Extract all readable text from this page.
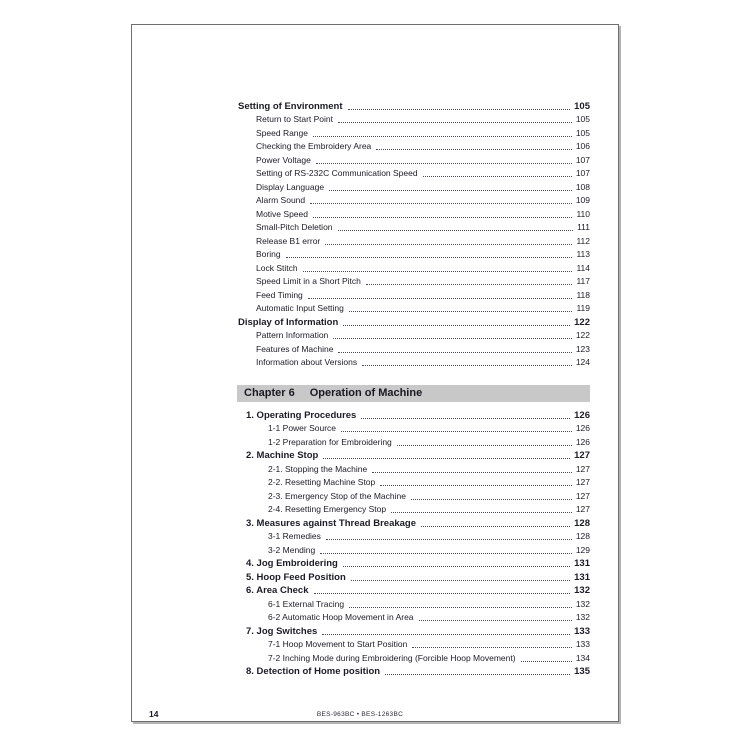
Setting of Environment	105
Return to Start Point	105
Speed Range	105
Checking the Embroidery Area	106
Power Voltage	107
Setting of RS-232C Communication Speed	107
Display Language	108
Alarm Sound	109
Motive Speed	110
Small-Pitch Deletion	111
Release B1 error	112
Boring	113
Lock Stitch	114
Speed Limit in a Short Pitch	117
Feed Timing	118
Automatic Input Setting	119
Display of Information	122
Pattern Information	122
Features of Machine	123
Information about Versions	124
Chapter 6 Operation of Machine
1. Operating Procedures	126
1-1 Power Source	126
1-2 Preparation for Embroidering	126
2. Machine Stop	127
2-1. Stopping the Machine	127
2-2. Resetting Machine Stop	127
2-3. Emergency Stop of the Machine	127
2-4. Resetting Emergency Stop	127
3. Measures against Thread Breakage	128
3-1 Remedies	128
3-2 Mending	129
4. Jog Embroidering	131
5. Hoop Feed Position	131
6. Area Check	132
6-1 External Tracing	132
6-2 Automatic Hoop Movement in Area	132
7. Jog Switches	133
7-1 Hoop Movement to Start Position	133
7-2 Inching Mode during Embroidering (Forcible Hoop Movement)	134
8. Detection of Home position	135
14	BES-963BC • BES-1263BC
